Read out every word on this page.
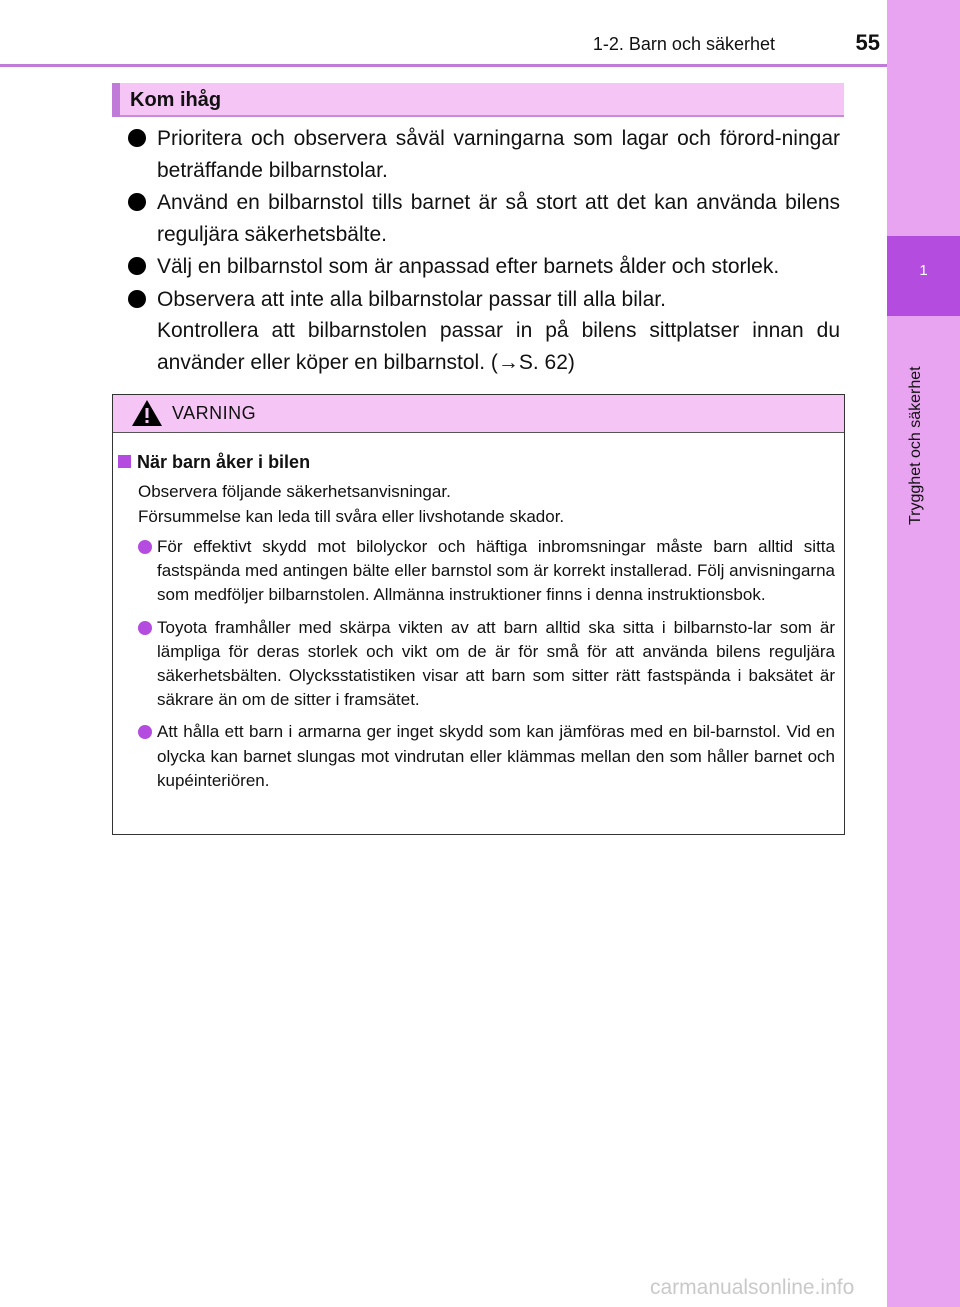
1
Trygghet och säkerhet
1-2. Barn och säkerhet	55
Kom ihåg
Prioritera och observera såväl varningarna som lagar och förord-ningar beträffande bilbarnstolar.
Använd en bilbarnstol tills barnet är så stort att det kan använda bilens reguljära säkerhetsbälte.
Välj en bilbarnstol som är anpassad efter barnets ålder och storlek.
Observera att inte alla bilbarnstolar passar till alla bilar.
Kontrollera att bilbarnstolen passar in på bilens sittplatser innan du använder eller köper en bilbarnstol. (→S. 62)
VARNING
När barn åker i bilen
Observera följande säkerhetsanvisningar.
Försummelse kan leda till svåra eller livshotande skador.
För effektivt skydd mot bilolyckor och häftiga inbromsningar måste barn alltid sitta fastspända med antingen bälte eller barnstol som är korrekt installerad. Följ anvisningarna som medföljer bilbarnstolen. Allmänna instruktioner finns i denna instruktionsbok.
Toyota framhåller med skärpa vikten av att barn alltid ska sitta i bilbarnsto-lar som är lämpliga för deras storlek och vikt om de är för små för att använda bilens reguljära säkerhetsbälten. Olycksstatistiken visar att barn som sitter rätt fastspända i baksätet är säkrare än om de sitter i framsätet.
Att hålla ett barn i armarna ger inget skydd som kan jämföras med en bil-barnstol. Vid en olycka kan barnet slungas mot vindrutan eller klämmas mellan den som håller barnet och kupéinteriören.
carmanualsonline.info
